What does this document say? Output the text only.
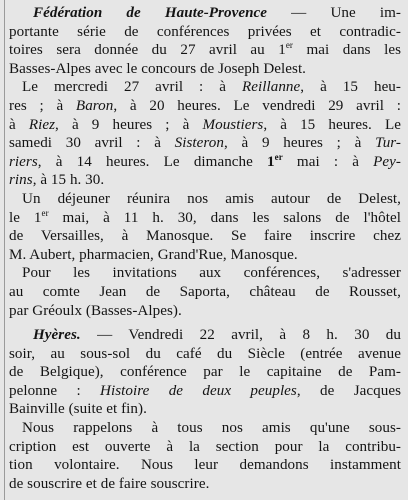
Fédération de Haute-Provence — Une im-
portante série de conférences privées et contradic-
toires sera donnée du 27 avril au 1er mai dans les
Basses-Alpes avec le concours de Joseph Delest.
Le mercredi 27 avril : à Reillanne, à 15 heu-
res ; à Baron, à 20 heures. Le vendredi 29 avril :
à Riez, à 9 heures ; à Moustiers, à 15 heures. Le
samedi 30 avril : à Sisteron, à 9 heures ; à Tur-
riers, à 14 heures. Le dimanche 1er mai : à Pey-
rins, à 15 h. 30.
Un déjeuner réunira nos amis autour de Delest,
le 1er mai, à 11 h. 30, dans les salons de l'hôtel
de Versailles, à Manosque. Se faire inscrire chez
M. Aubert, pharmacien, Grand'Rue, Manosque.
Pour les invitations aux conférences, s'adresser
au comte Jean de Saporta, château de Rousset,
par Gréoulx (Basses-Alpes).
Hyères. — Vendredi 22 avril, à 8 h. 30 du
soir, au sous-sol du café du Siècle (entrée avenue
de Belgique), conférence par le capitaine de Pam-
pelonne : Histoire de deux peuples, de Jacques
Bainville (suite et fin).
Nous rappelons à tous nos amis qu'une sous-
cription est ouverte à la section pour la contribu-
tion volontaire. Nous leur demandons instamment
de souscrire et de faire souscrire.
